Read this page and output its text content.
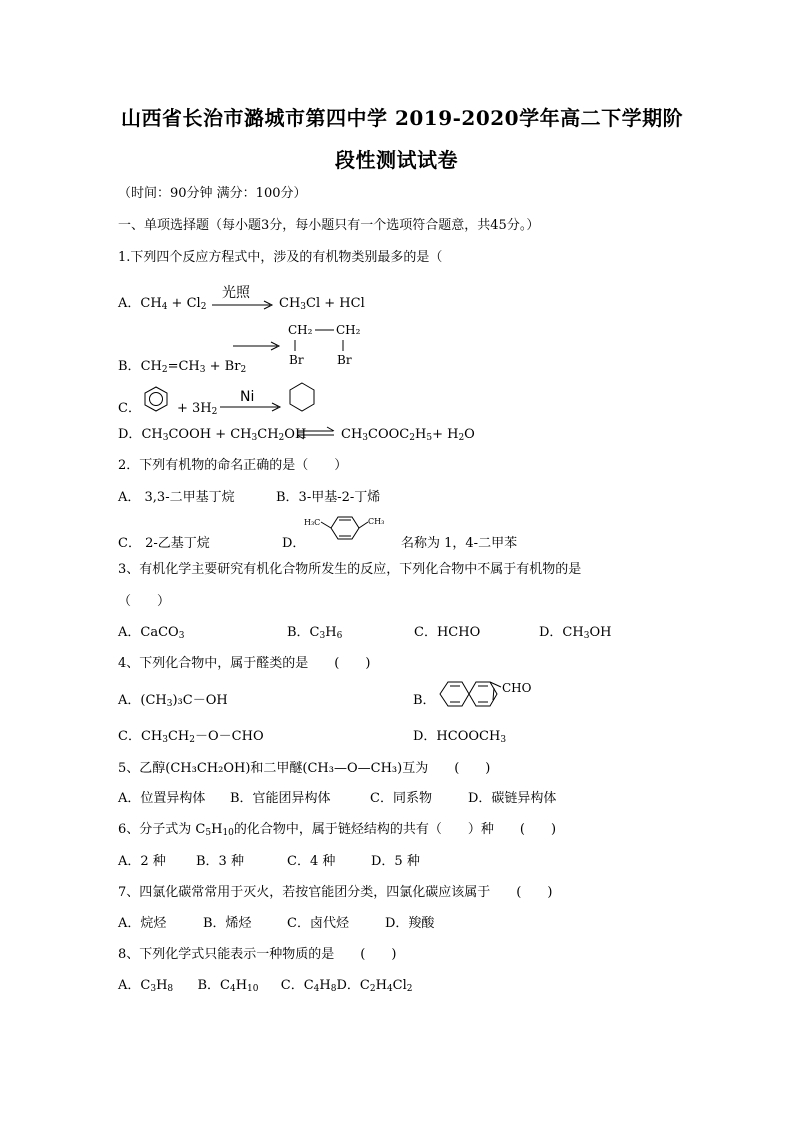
山西省长治市潞城市第四中学 2019-2020学年高二下学期阶
段性测试试卷
（时间：90分钟 满分：100分）
一、单项选择题（每小题3分，每小题只有一个选项符合题意，共45分。）
1.下列四个反应方程式中，涉及的有机物类别最多的是（
A．$CH_4 + Cl_2$
光照
$CH_3Cl$ + HCl
CH₂ CH₂
Br	Br
B．$CH_2=CH_3 + Br_2$
C．	+ $3H_2$
Ni
D．$CH_3COOH + CH_3CH_2OH$ ⇌ $CH_3COOC_2H_5+ H_2O$
2．下列有机物的命名正确的是（　　）
A． 3,3-二甲基丁烷	B．3-甲基-2-丁烯
C． 2-乙基丁烷	D．
H₃C	CH₃
名称为 1，4-二甲苯
3、有机化学主要研究有机化合物所发生的反应，下列化合物中不属于有机物的是
（　　）
A．CaCO$_3$	B．$C_3H_6$	C．HCHO	D．$CH_3OH$
4、下列化合物中，属于醛类的是　　(　　)
A．$(CH_3)_3C-OH$	B．
CHO
C．$CH_3CH_2-O-CHO$	D．$HCOOCH_3$
5、乙醇(CH₃CH₂OH)和二甲醚(CH₃—O—CH₃)互为　　(　　)
A．位置异构体 B．官能团异构体	C．同系物	D．碳链异构体
6、分子式为 $C_5H_{10}$的化合物中，属于链烃结构的共有（　　）种　　(　　)
A．2 种 B．3 种	C．4 种	D．5 种
7、四氯化碳常常用于灭火，若按官能团分类，四氯化碳应该属于　　(　　)
A．烷烃	B．烯烃	C．卤代烃	D．羧酸
8、下列化学式只能表示一种物质的是　　(　　)
A．$C_3H_8$ B．$C_4H_{10}$ C．$C_4H_8D$．$C_2H_4Cl_2$
